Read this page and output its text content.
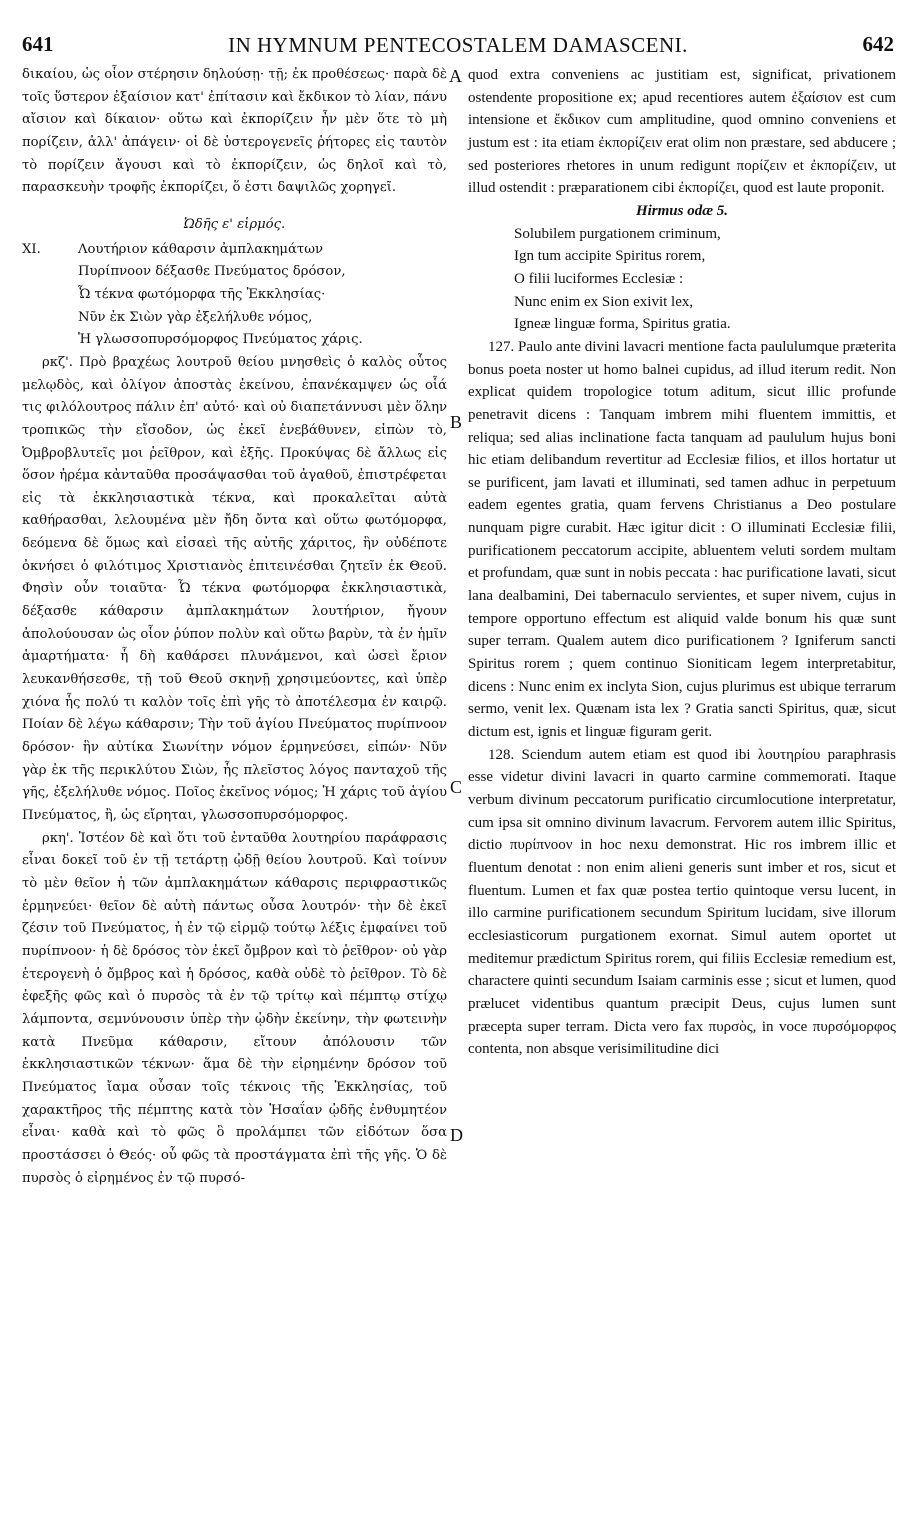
641	IN HYMNUM PENTECOSTALEM DAMASCENI.	642
A
B
C
D

δικαίου, ὡς οἷον στέρησιν δηλούσῃ· τῇ; ἐκ προθέσεως· παρὰ δὲ τοῖς ὕστερον ἐξαίσιον κατ' ἐπίτασιν καὶ ἔκδικον τὸ λίαν, πάνυ αἴσιον καὶ δίκαιον· οὕτω καὶ ἐκπορίζειν ἦν μὲν ὅτε τὸ μὴ πορίζειν, ἀλλ' ἀπάγειν· οἱ δὲ ὑστερογενεῖς ῥήτορες εἰς ταυτὸν τὸ πορίζειν ἄγουσι καὶ τὸ ἐκπορίζειν, ὡς δηλοῖ καὶ τὸ, παρασκευὴν τροφῆς ἐκπορίζει, ὅ ἐστι δαψιλῶς χορηγεῖ.

Ὠδῆς ε' εἱρμός.

XI.	Λουτήριον κάθαρσιν ἀμπλακημάτων
Πυρίπνοον δέξασθε Πνεύματος δρόσον,
Ὦ τέκνα φωτόμορφα τῆς Ἐκκλησίας·
Νῦν ἐκ Σιὼν γὰρ ἐξελήλυθε νόμος,
Ἡ γλωσσοπυρσόμορφος Πνεύματος χάρις.

ρκζ'. Πρὸ βραχέως λουτροῦ θείου μνησθεὶς ὁ καλὸς οὗτος μελῳδὸς, καὶ ὀλίγον ἀποστὰς ἐκείνου, ἐπανέκαμψεν ὡς οἷά τις φιλόλουτρος πάλιν ἐπ' αὐτό· καὶ οὐ διαπετάννυσι μὲν ὅλην τροπικῶς τὴν εἴσοδον, ὡς ἐκεῖ ἐνεβάθυνεν, εἰπὼν τὸ, Ὀμβροβλυτεῖς μοι ῥεῖθρον, καὶ ἑξῆς. Προκύψας δὲ ἄλλως εἰς ὅσον ἠρέμα κἀνταῦθα προσάψασθαι τοῦ ἀγαθοῦ, ἐπιστρέφεται εἰς τὰ ἐκκλησιαστικὰ τέκνα, καὶ προκαλεῖται αὐτὰ καθήρασθαι, λελουμένα μὲν ἤδη ὄντα καὶ οὕτω φωτόμορφα, δεόμενα δὲ ὅμως καὶ εἰσαεὶ τῆς αὐτῆς χάριτος, ἣν οὐδέποτε ὀκνήσει ὁ φιλότιμος Χριστιανὸς ἐπιτεινέσθαι ζητεῖν ἐκ Θεοῦ. Φησὶν οὖν τοιαῦτα· Ὦ τέκνα φωτόμορφα ἐκκλησιαστικὰ, δέξασθε κάθαρσιν ἀμπλακημάτων λουτήριον, ἤγουν ἀπολούουσαν ὡς οἷον ῥύπον πολὺν καὶ οὕτω βαρὺν, τὰ ἐν ἡμῖν ἁμαρτήματα· ἧ δὴ καθάρσει πλυνάμενοι, καὶ ὡσεὶ ἔριον λευκανθήσεσθε, τῇ τοῦ Θεοῦ σκηνῇ χρησιμεύοντες, καὶ ὑπὲρ χιόνα ἧς πολύ τι καλὸν τοῖς ἐπὶ γῆς τὸ ἀποτέλεσμα ἐν καιρῷ. Ποίαν δὲ λέγω κάθαρσιν; Τὴν τοῦ ἁγίου Πνεύματος πυρίπνοον δρόσον· ἣν αὐτίκα Σιωνίτην νόμον ἑρμηνεύσει, εἰπών· Νῦν γὰρ ἐκ τῆς περικλύτου Σιὼν, ἧς πλεῖστος λόγος πανταχοῦ τῆς γῆς, ἐξελήλυθε νόμος. Ποῖος ἐκεῖνος νόμος; Ἡ χάρις τοῦ ἁγίου Πνεύματος, ἢ, ὡς εἴρηται, γλωσσοπυρσόμορφος.

ρκη'. Ἰστέον δὲ καὶ ὅτι τοῦ ἐνταῦθα λουτηρίου παράφρασις εἶναι δοκεῖ τοῦ ἐν τῇ τετάρτῃ ᾠδῇ θείου λουτροῦ. Καὶ τοίνυν τὸ μὲν θεῖον ἡ τῶν ἀμπλακημάτων κάθαρσις περιφραστικῶς ἑρμηνεύει· θεῖον δὲ αὐτὴ πάντως οὖσα λουτρόν· τὴν δὲ ἐκεῖ ζέσιν τοῦ Πνεύματος, ἡ ἐν τῷ εἱρμῷ τούτῳ λέξις ἐμφαίνει τοῦ πυρίπνοον· ἡ δὲ δρόσος τὸν ἐκεῖ ὄμβρον καὶ τὸ ῥεῖθρον· οὐ γὰρ ἑτερογενὴ ὁ ὄμβρος καὶ ἡ δρόσος, καθὰ οὐδὲ τὸ ῥεῖθρον. Τὸ δὲ ἐφεξῆς φῶς καὶ ὁ πυρσὸς τὰ ἐν τῷ τρίτῳ καὶ πέμπτῳ στίχῳ λάμποντα, σεμνύνουσιν ὑπὲρ τὴν ᾠδὴν ἐκείνην, τὴν φωτεινὴν κατὰ Πνεῦμα κάθαρσιν, εἴτουν ἀπόλουσιν τῶν ἐκκλησιαστικῶν τέκνων· ἅμα δὲ τὴν εἰρημένην δρόσον τοῦ Πνεύματος ἴαμα οὖσαν τοῖς τέκνοις τῆς Ἐκκλησίας, τοῦ χαρακτῆρος τῆς πέμπτης κατὰ τὸν Ἡσαΐαν ᾠδῆς ἐνθυμητέον εἶναι· καθὰ καὶ τὸ φῶς ὃ προλάμπει τῶν εἰδότων ὅσα προστάσσει ὁ Θεός· οὗ φῶς τὰ προστάγματα ἐπὶ τῆς γῆς. Ὁ δὲ πυρσὸς ὁ εἰρημένος ἐν τῷ πυρσό-

quod extra conveniens ac justitiam est, significat, privationem ostendente propositione ex; apud recentiores autem ἐξαίσιον est cum intensione et ἔκδικον cum amplitudine, quod omnino conveniens et justum est : ita etiam ἐκπορίζειν erat olim non præstare, sed abducere ; sed posteriores rhetores in unum redigunt πορίζειν et ἐκπορίζειν, ut illud ostendit : præparationem cibi ἐκπορίζει, quod est laute proponit.

Hirmus odæ 5.

Solubilem purgationem criminum,
Ign tum accipite Spiritus rorem,
O filii luciformes Ecclesiæ :
Nunc enim ex Sion exivit lex,
Igneæ linguæ forma, Spiritus gratia.

127. Paulo ante divini lavacri mentione facta paululumque præterita bonus poeta noster ut homo balnei cupidus, ad illud iterum redit. Non explicat quidem tropologice totum aditum, sicut illic profunde penetravit dicens : Tanquam imbrem mihi fluentem immittis, et reliqua; sed alias inclinatione facta tanquam ad paululum hujus boni hic etiam delibandum revertitur ad Ecclesiæ filios, et illos hortatur ut se purificent, jam lavati et illuminati, sed tamen adhuc in perpetuum eadem egentes gratia, quam fervens Christianus a Deo postulare nunquam pigre curabit. Hæc igitur dicit : O illuminati Ecclesiæ filii, purificationem peccatorum accipite, abluentem veluti sordem multam et profundam, quæ sunt in nobis peccata : hac purificatione lavati, sicut lana dealbamini, Dei tabernaculo servientes, et super nivem, cujus in tempore opportuno effectum est aliquid valde bonum his quæ sunt super terram. Qualem autem dico purificationem ? Igniferum sancti Spiritus rorem ; quem continuo Sioniticam legem interpretabitur, dicens : Nunc enim ex inclyta Sion, cujus plurimus est ubique terrarum sermo, venit lex. Quænam ista lex ? Gratia sancti Spiritus, quæ, sicut dictum est, ignis et linguæ figuram gerit.

128. Sciendum autem etiam est quod ibi λουτηρίου paraphrasis esse videtur divini lavacri in quarto carmine commemorati. Itaque verbum divinum peccatorum purificatio circumlocutione interpretatur, cum ipsa sit omnino divinum lavacrum. Fervorem autem illic Spiritus, dictio πυρίπνοον in hoc nexu demonstrat. Hic ros imbrem illic et fluentum denotat : non enim alieni generis sunt imber et ros, sicut et fluentum. Lumen et fax quæ postea tertio quintoque versu lucent, in illo carmine purificationem secundum Spiritum lucidam, sive illorum ecclesiasticorum purgationem exornat. Simul autem oportet ut meditemur prædictum Spiritus rorem, qui filiis Ecclesiæ remedium est, charactere quinti secundum Isaiam carminis esse ; sicut et lumen, quod prælucet videntibus quantum præcipit Deus, cujus lumen sunt præcepta super terram. Dicta vero fax πυρσὸς, in voce πυρσόμορφος contenta, non absque verisimilitudine dici
